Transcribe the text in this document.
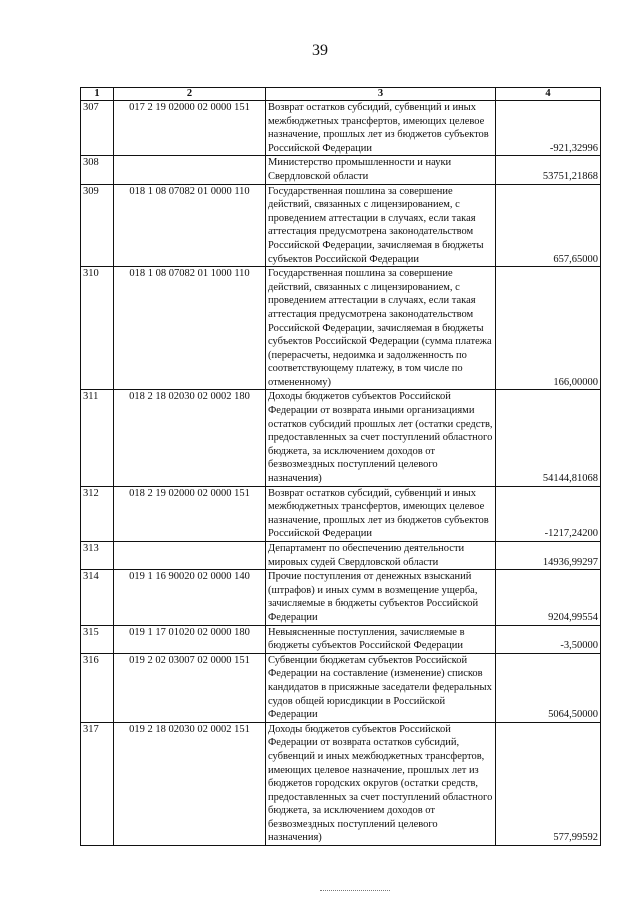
39
1	2	3	4
307	017 2 19 02000 02 0000 151	Возврат остатков субсидий, субвенций и иных межбюджетных трансфертов, имеющих целевое назначение, прошлых лет из бюджетов субъектов Российской Федерации	-921,32996
308		Министерство промышленности и науки Свердловской области	53751,21868
309	018 1 08 07082 01 0000 110	Государственная пошлина за совершение действий, связанных с лицензированием, с проведением аттестации в случаях, если такая аттестация предусмотрена законодательством Российской Федерации, зачисляемая в бюджеты субъектов Российской Федерации	657,65000
310	018 1 08 07082 01 1000 110	Государственная пошлина за совершение действий, связанных с лицензированием, с проведением аттестации в случаях, если такая аттестация предусмотрена законодательством Российской Федерации, зачисляемая в бюджеты субъектов Российской Федерации (сумма платежа (перерасчеты, недоимка и задолженность по соответствующему платежу, в том числе по отмененному)	166,00000
311	018 2 18 02030 02 0002 180	Доходы бюджетов субъектов Российской Федерации от возврата иными организациями остатков субсидий прошлых лет (остатки средств, предоставленных за счет поступлений областного бюджета, за исключением доходов от безвозмездных поступлений целевого назначения)	54144,81068
312	018 2 19 02000 02 0000 151	Возврат остатков субсидий, субвенций и иных межбюджетных трансфертов, имеющих целевое назначение, прошлых лет из бюджетов субъектов Российской Федерации	-1217,24200
313		Департамент по обеспечению деятельности мировых судей Свердловской области	14936,99297
314	019 1 16 90020 02 0000 140	Прочие поступления от денежных взысканий (штрафов) и иных сумм в возмещение ущерба, зачисляемые в бюджеты субъектов Российской Федерации	9204,99554
315	019 1 17 01020 02 0000 180	Невыясненные поступления, зачисляемые в бюджеты субъектов Российской Федерации	-3,50000
316	019 2 02 03007 02 0000 151	Субвенции бюджетам субъектов Российской Федерации на составление (изменение) списков кандидатов в присяжные заседатели федеральных судов общей юрисдикции в Российской Федерации	5064,50000
317	019 2 18 02030 02 0002 151	Доходы бюджетов субъектов Российской Федерации от возврата остатков субсидий, субвенций и иных межбюджетных трансфертов, имеющих целевое назначение, прошлых лет из бюджетов городских округов (остатки средств, предоставленных за счет поступлений областного бюджета, за исключением доходов от безвозмездных поступлений целевого назначения)	577,99592
